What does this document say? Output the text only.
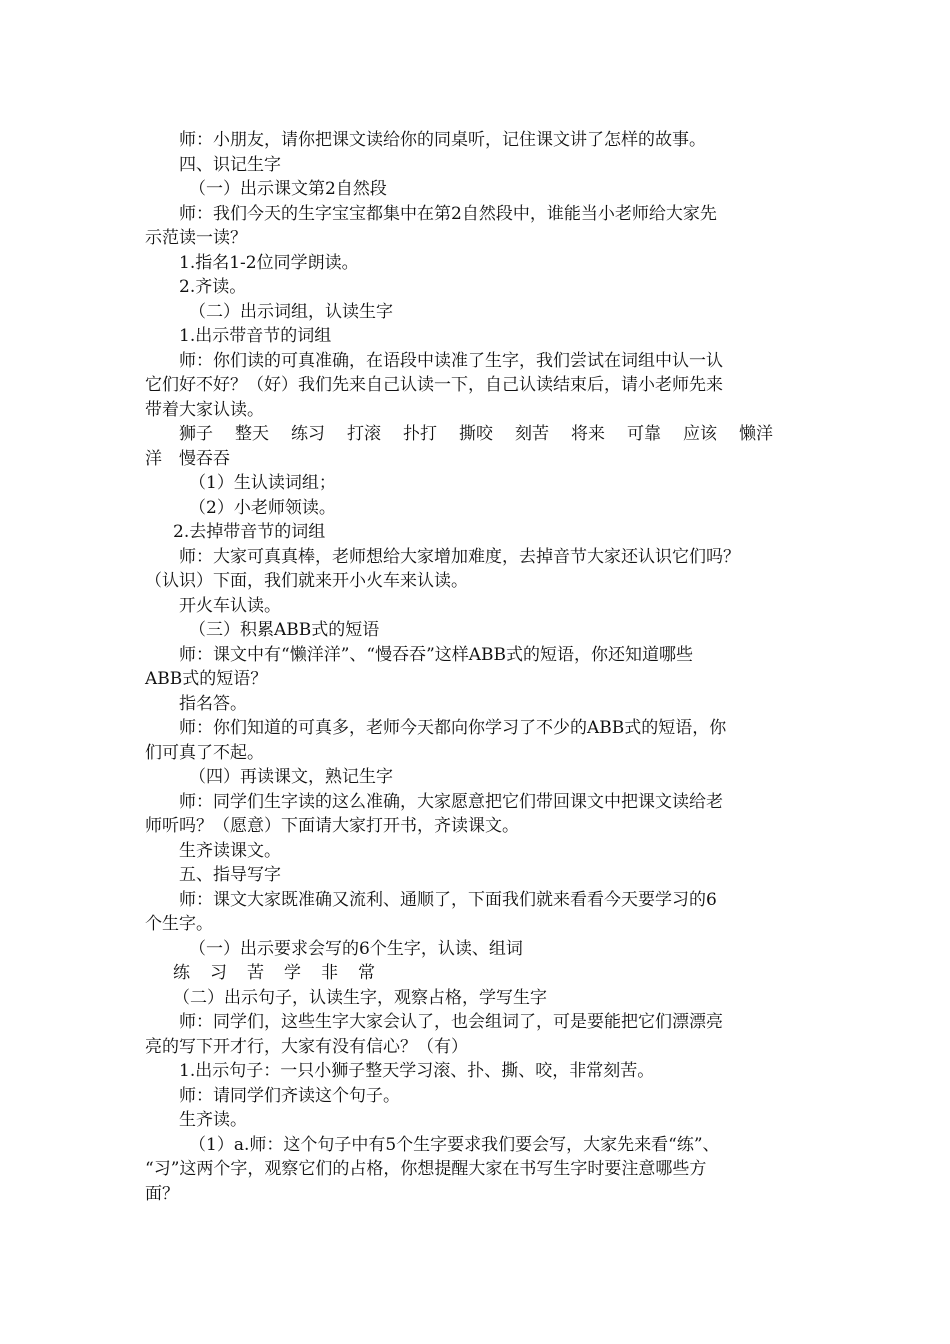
师：小朋友，请你把课文读给你的同桌听，记住课文讲了怎样的故事。
四、识记生字
（一）出示课文第2自然段
师：我们今天的生字宝宝都集中在第2自然段中，谁能当小老师给大家先
示范读一读？
1.指名1-2位同学朗读。
2.齐读。
（二）出示词组，认读生字
1.出示带音节的词组
师：你们读的可真准确，在语段中读准了生字，我们尝试在词组中认一认
它们好不好？（好）我们先来自己认读一下，自己认读结束后，请小老师先来
带着大家认读。
狮子 整天 练习 打滚 扑打 撕咬 刻苦 将来 可靠 应该 懒洋
洋　慢吞吞
（1）生认读词组；
（2）小老师领读。
2.去掉带音节的词组
师：大家可真真棒，老师想给大家增加难度，去掉音节大家还认识它们吗？
（认识）下面，我们就来开小火车来认读。
开火车认读。
（三）积累ABB式的短语
师：课文中有“懒洋洋”、“慢吞吞”这样ABB式的短语，你还知道哪些
ABB式的短语？
指名答。
师：你们知道的可真多，老师今天都向你学习了不少的ABB式的短语，你
们可真了不起。
（四）再读课文，熟记生字
师：同学们生字读的这么准确，大家愿意把它们带回课文中把课文读给老
师听吗？（愿意）下面请大家打开书，齐读课文。
生齐读课文。
五、指导写字
师：课文大家既准确又流利、通顺了，下面我们就来看看今天要学习的6
个生字。
（一）出示要求会写的6个生字，认读、组词
练 习 苦 学 非 常
（二）出示句子，认读生字，观察占格，学写生字
师：同学们，这些生字大家会认了，也会组词了，可是要能把它们漂漂亮
亮的写下开才行，大家有没有信心？（有）
1.出示句子：一只小狮子整天学习滚、扑、撕、咬，非常刻苦。
师：请同学们齐读这个句子。
生齐读。
（1）a.师：这个句子中有5个生字要求我们要会写，大家先来看“练”、
“习”这两个字，观察它们的占格，你想提醒大家在书写生字时要注意哪些方
面？
